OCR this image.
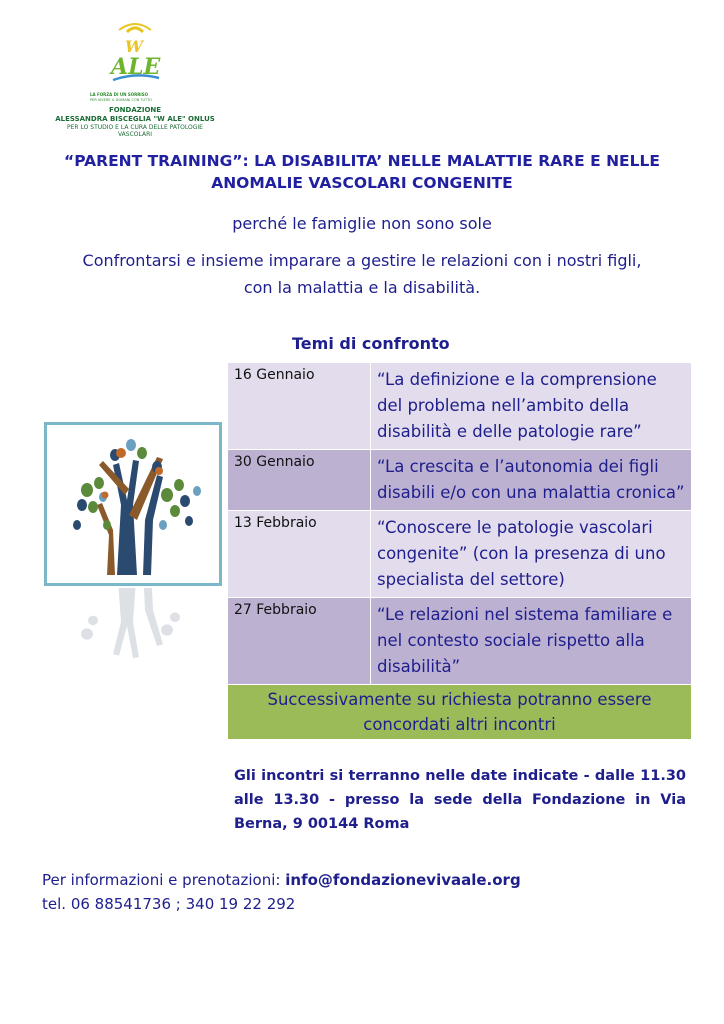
W
ALE
LA FORZA DI UN SORRISO
PER VIVERE IL DOMANI CON TUTTO
FONDAZIONE
ALESSANDRA BISCEGLIA "W ALE" ONLUS
PER LO STUDIO E LA CURA DELLE PATOLOGIE VASCOLARI
“PARENT TRAINING”: LA DISABILITA’ NELLE MALATTIE RARE E NELLE
ANOMALIE VASCOLARI CONGENITE
perché le famiglie non sono sole
Confrontarsi e insieme imparare a gestire le relazioni con i nostri figli,
con la malattia e la disabilità.
Temi di confronto
16 Gennaio	“La definizione e la comprensione del problema nell’ambito della disabilità e delle patologie rare”
30 Gennaio	“La crescita e l’autonomia dei figli disabili e/o con una malattia cronica”
13 Febbraio	“Conoscere le patologie vascolari congenite” (con la presenza di uno specialista del settore)
27 Febbraio	“Le relazioni nel sistema familiare e nel contesto sociale rispetto alla disabilità”
Successivamente su richiesta potranno essere concordati altri incontri	
Gli incontri si terranno nelle date indicate - dalle 11.30 alle 13.30 - presso la sede della Fondazione in Via Berna, 9 00144 Roma
Per informazioni e prenotazioni: info@fondazionevivaale.org
tel. 06 88541736 ; 340 19 22 292
